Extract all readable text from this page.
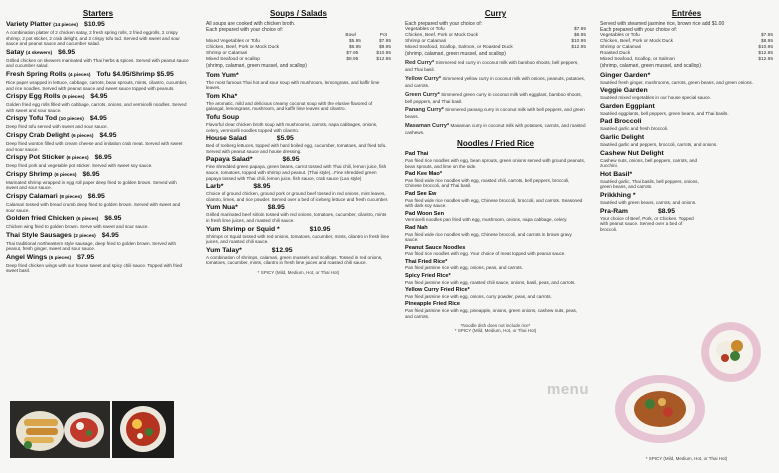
Starters
Variety Platter (14 pieces) $10.95
A combination platter of 2 chicken satay, 2 fresh spring rolls, 2 fried eggrolls, 2 crispy shrimp, 2 pot sticker, 2 crab delight, and 2 crispy tofu tod. Served with sweet and sour sauce and peanut sauce and cucumber salad.
Satay (4 skewers) $6.95
Grilled chicken on skewers marinated with Thai herbs & spices. Served with peanut sauce and cucumber salad.
Fresh Spring Rolls (4 pieces) Tofu $4.95/Shrimp $5.95
Rice paper wrapped in lettuce, cabbage, carrots, bean sprouts, mints, cilantro, cucumber, and rice noodles. Served with peanut sauce and sweet sauce topped with peanuts.
Crispy Egg Rolls (5 pieces) $4.95
Golden fried egg rolls filled with cabbage, carrots, onions, and vermicelli noodles. Served with sweet and sour sauce.
Crispy Tofu Tod (10 pieces) $4.95
Deep fried tofu served with sweet and sour sauce.
Crispy Crab Delight (6 pieces) $4.95
Deep fried wonton filled with cream cheese and imitation crab meat. Served with sweet and sour sauce.
Crispy Pot Sticker (6 pieces) $6.95
Deep fried pork and vegetable pot sticker. Served with sweet soy sauce.
Crispy Shrimp (6 pieces) $6.95
Marinated shrimp wrapped in egg roll paper deep fried to golden brown. Served with sweet and sour sauce.
Crispy Calamari (8 pieces) $6.95
Calamari tossed with bread crumb deep fried to golden brown. Served with sweet and sour sauce.
Golden fried Chicken (6 pieces) $6.95
Chicken wing fried to golden brown. Serve with sweet and sour sauce.
Thai Style Sausages (2 pieces) $4.95
Thai traditional northeastern style sausage, deep fried to golden brown. Served with peanut, fresh ginger, sweet and sour sauce.
Angel Wings (6 pieces) $7.95
Deep fried chicken wings with our house sweet and spicy chili sauce. Topped with fried sweet basil.
Soups / Salads
All soups are cooked with chicken broth.
Each prepared with your choice of:
Bowl	Pot
Mixed Vegetables or Tofu	$5.95	$7.95
Chicken, Beef, Pork or Mock Duck	$6.95	$8.95
Shrimp or Calamari	$7.95	$10.95
Mixed Seafood or scallop	$8.95	$12.95
(shrimp, calamari, green mussel, and scallop)
Tom Yum*
The most famous Thai hot and sour soup with mushroom, lemongrass, and kaffir lime leaves.
Tom Kha*
The aromatic, mild and delicious creamy coconut soup with the elusive flavored of galangal, lemongrass, mushroom, and kaffir lime leaves and cilantro.
Tofu Soup
Flavorful clear chicken broth soup with mushrooms, carrots, napa cabbages, onions, celery, vermicelli noodles topped with cilantro.
House Salad	$5.95
Bed of Iceberg lettuces, topped with hard boiled egg, cucumber, tomatoes, and fried tofu. Served with peanut sauce and house dressing.
Papaya Salad*	$6.95
Fine shredded green papaya, green beans, carrot tossed with Thai chili, lemon juice, fish sauce, tomatoes, topped with shrimp and peanut. (Thai style)...Fine shredded green papaya tossed with Thai chili, lemon juice, fish sauce, crab sauce (Lao style)
Larb*	$8.95
Choice of ground chicken, ground pork or ground beef tossed in red onions, mint leaves, cilantro, limes, and rice powder. Served over a bed of iceberg lettuce and fresh cucumber.
Yum Nua*	$8.95
Grilled marinated beef sirloin tossed with red onions, tomatoes, cucumber, cilantro, mints in fresh lime juices, and roasted chili sauce.
Yum Shrimp or Squid *	$10.95
Shrimps or Squid tossed with red onions, tomatoes, cucumber, mints, cilantro in fresh lime juices, and roasted chili sauce.
Yum Talay*	$12.95
A combination of shrimps, calamari, green mussels and scallops. Tossed in red onions, tomatoes, cucumber, mints, cilantro in fresh lime juices and roasted chili sauce.
* SPICY (Mild, Medium, Hot, or Thai Hot)
Curry
Each prepared with your choice of:
Vegetables or Tofu	$7.95
Chicken, Beef, Pork or Mock Duck	$8.95
Shrimp or Calamari	$10.95
Mixed Seafood, Scallop, Salmon, or Roasted Duck	$12.95
(shrimp, calamari, green mussel, and scallop)
Red Curry* Simmered red curry in coconut milk with bamboo shoots, bell peppers, and Thai basil.
Yellow Curry* Simmered yellow curry in coconut milk with onions, peanuts, potatoes, and carrots.
Green Curry* Simmered green curry in coconut milk with eggplant, bamboo shoots, bell peppers, and Thai basil.
Panang Curry* Simmered panang curry in coconut milk with bell peppers, and green beans.
Masaman Curry* Masaman curry in coconut milk with potatoes, carrots, and roasted cashews.
Noodles / Fried Rice
Pad Thai
Pan fried rice noodles with egg, bean sprouts, green onions served with ground peanuts, bean sprouts, and lime on the side.
Pad Kee Mao*
Pan fried wide rice noodles with egg, roasted chili, carrots, bell peppers, broccoli, Chinese broccoli, and Thai basil.
Pad See Ew
Pan fried wide rice noodles with egg, Chinese broccoli, broccoli, and carrots. Seasoned with dark soy sauce.
Pad Woon Sen
Vermicelli noodles pan fried with egg, mushroom, onions, napa cabbage, celery.
Rad Nah
Pan fried wide rice noodles with egg, Chinese broccoli, and carrots in brown gravy sauce.
Peanut Sauce Noodles
Pan fried rice noodles with egg. Your choice of meat topped with peanut sauce.
Thai Fried Rice*
Pan fried jasmine rice with egg, onions, peas, and carrots.
Spicy Fried Rice*
Pan fried jasmine rice with egg, roasted chili sauce, onions, basil, peas, and carrots.
Yellow Curry Fried Rice*
Pan fried jasmine rice with egg, onions, curry powder, peas, and carrots.
Pineapple Fried Rice
Pan fried jasmine rice with egg, pineapple, onions, green onions, cashew nuts, peas, and carrots.
*Noodle dish does not include rice*
* SPICY (Mild, Medium, Hot, or Thai Hot)
Entrées
Served with steamed jasmine rice, brown rice add $1.00
Each prepared with your choice of:
Vegetables or Tofu	$7.95
Chicken, Beef, Pork or Mock Duck	$8.95
Shrimp or Calamari	$10.95
Roasted Duck	$12.95
Mixed Seafood, Scallop, or Salmon	$12.95
(shrimp, calamari, green mussel, and scallop)
Ginger Garden*
Sautéed fresh ginger, mushrooms, carrots, green beans, and green onions.
Veggie Garden
Sautéed mixed vegetables in our house special sauce.
Garden Eggplant
Sautéed eggplants, bell peppers, green beans, and Thai basils.
Pad Broccoli
Sautéed garlic and fresh broccoli.
Garlic Delight
Sautéed garlic and peppers, broccoli, carrots, and onions.
Cashew Nut Delight
Cashew nuts, onions, bell peppers, carrots, and zucchini.
Hot Basil*
Sautéed garlic, Thai basils, bell peppers, onions, green beans, and carrots.
Prikkhing *
Sautéed with green beans, carrots, and onions.
Pra-Ram	$8.95
Your choice of Beef, Pork, or Chicken. Topped with peanut sauce. Served over a bed of broccoli.
* SPICY (Mild, Medium, Hot, or Thai Hot)
menu
